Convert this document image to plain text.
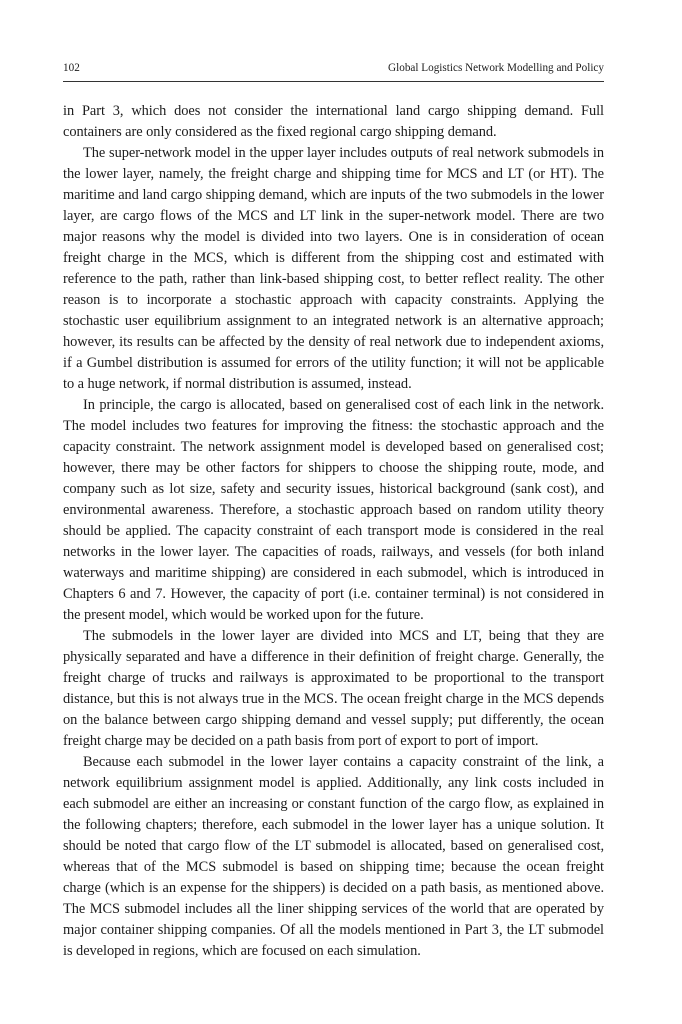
102	Global Logistics Network Modelling and Policy

in Part 3, which does not consider the international land cargo shipping demand. Full containers are only considered as the fixed regional cargo shipping demand.

The super-network model in the upper layer includes outputs of real network submodels in the lower layer, namely, the freight charge and shipping time for MCS and LT (or HT). The maritime and land cargo shipping demand, which are inputs of the two submodels in the lower layer, are cargo flows of the MCS and LT link in the super-network model. There are two major reasons why the model is divided into two layers. One is in consideration of ocean freight charge in the MCS, which is different from the shipping cost and estimated with reference to the path, rather than link-based shipping cost, to better reflect reality. The other reason is to incorporate a stochastic approach with capacity constraints. Applying the stochastic user equilibrium assignment to an integrated network is an alternative approach; however, its results can be affected by the density of real network due to independent axioms, if a Gumbel distribution is assumed for errors of the utility function; it will not be applicable to a huge network, if normal distribution is assumed, instead.

In principle, the cargo is allocated, based on generalised cost of each link in the network. The model includes two features for improving the fitness: the stochastic approach and the capacity constraint. The network assignment model is developed based on generalised cost; however, there may be other factors for shippers to choose the shipping route, mode, and company such as lot size, safety and security issues, historical background (sank cost), and environmental awareness. Therefore, a stochastic approach based on random utility theory should be applied. The capacity constraint of each transport mode is considered in the real networks in the lower layer. The capacities of roads, railways, and vessels (for both inland waterways and maritime shipping) are considered in each submodel, which is introduced in Chapters 6 and 7. However, the capacity of port (i.e. container terminal) is not considered in the present model, which would be worked upon for the future.

The submodels in the lower layer are divided into MCS and LT, being that they are physically separated and have a difference in their definition of freight charge. Generally, the freight charge of trucks and railways is approximated to be proportional to the transport distance, but this is not always true in the MCS. The ocean freight charge in the MCS depends on the balance between cargo shipping demand and vessel supply; put differently, the ocean freight charge may be decided on a path basis from port of export to port of import.

Because each submodel in the lower layer contains a capacity constraint of the link, a network equilibrium assignment model is applied. Additionally, any link costs included in each submodel are either an increasing or constant function of the cargo flow, as explained in the following chapters; therefore, each submodel in the lower layer has a unique solution. It should be noted that cargo flow of the LT submodel is allocated, based on generalised cost, whereas that of the MCS submodel is based on shipping time; because the ocean freight charge (which is an expense for the shippers) is decided on a path basis, as mentioned above. The MCS submodel includes all the liner shipping services of the world that are operated by major container shipping companies. Of all the models mentioned in Part 3, the LT submodel is developed in regions, which are focused on each simulation.
